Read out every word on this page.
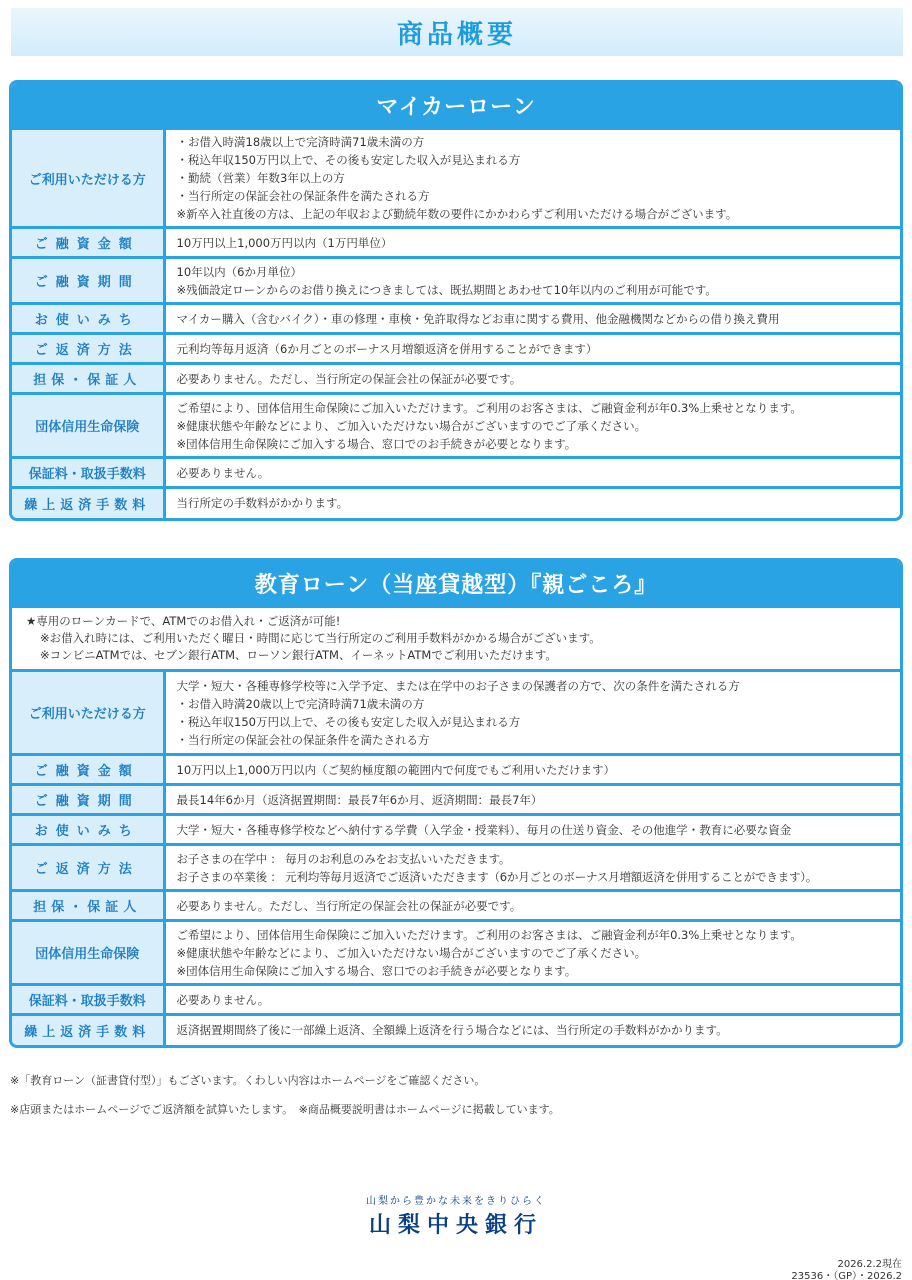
商品概要
マイカーローン
ご利用いただける方	・お借入時満18歳以上で完済時満71歳未満の方
・税込年収150万円以上で、その後も安定した収入が見込まれる方
・勤続（営業）年数3年以上の方
・当行所定の保証会社の保証条件を満たされる方
※新卒入社直後の方は、上記の年収および勤続年数の要件にかかわらずご利用いただける場合がございます。

ご融資金額	10万円以上1,000万円以内（1万円単位）

ご融資期間	10年以内（6か月単位）
※残価設定ローンからのお借り換えにつきましては、既払期間とあわせて10年以内のご利用が可能です。

お使いみち	マイカー購入（含むバイク）・車の修理・車検・免許取得などお車に関する費用、他金融機関などからの借り換え費用

ご返済方法	元利均等毎月返済（6か月ごとのボーナス月増額返済を併用することができます）

担保・保証人	必要ありません。ただし、当行所定の保証会社の保証が必要です。

団体信用生命保険	ご希望により、団体信用生命保険にご加入いただけます。ご利用のお客さまは、ご融資金利が年0.3%上乗せとなります。
※健康状態や年齢などにより、ご加入いただけない場合がございますのでご了承ください。
※団体信用生命保険にご加入する場合、窓口でのお手続きが必要となります。

保証料・取扱手数料	必要ありません。

繰上返済手数料	当行所定の手数料がかかります。
教育ローン（当座貸越型）『親ごころ』
★専用のローンカードで、ATMでのお借入れ・ご返済が可能!
※お借入れ時には、ご利用いただく曜日・時間に応じて当行所定のご利用手数料がかかる場合がございます。
※コンビニATMでは、セブン銀行ATM、ローソン銀行ATM、イーネットATMでご利用いただけます。
ご利用いただける方	大学・短大・各種専修学校等に入学予定、または在学中のお子さまの保護者の方で、次の条件を満たされる方
・お借入時満20歳以上で完済時満71歳未満の方
・税込年収150万円以上で、その後も安定した収入が見込まれる方
・当行所定の保証会社の保証条件を満たされる方

ご融資金額	10万円以上1,000万円以内（ご契約極度額の範囲内で何度でもご利用いただけます）

ご融資期間	最長14年6か月（返済据置期間：最長7年6か月、返済期間：最長7年）

お使いみち	大学・短大・各種専修学校などへ納付する学費（入学金・授業料）、毎月の仕送り資金、その他進学・教育に必要な資金

ご返済方法	お子さまの在学中 ： 毎月のお利息のみをお支払いいただきます。
お子さまの卒業後 ： 元利均等毎月返済でご返済いただきます（6か月ごとのボーナス月増額返済を併用することができます）。

担保・保証人	必要ありません。ただし、当行所定の保証会社の保証が必要です。

団体信用生命保険	ご希望により、団体信用生命保険にご加入いただけます。ご利用のお客さまは、ご融資金利が年0.3%上乗せとなります。
※健康状態や年齢などにより、ご加入いただけない場合がございますのでご了承ください。
※団体信用生命保険にご加入する場合、窓口でのお手続きが必要となります。

保証料・取扱手数料	必要ありません。

繰上返済手数料	返済据置期間終了後に一部繰上返済、全額繰上返済を行う場合などには、当行所定の手数料がかかります。
※「教育ローン（証書貸付型）」もございます。くわしい内容はホームページをご確認ください。
※店頭またはホームページでご返済額を試算いたします。　※商品概要説明書はホームページに掲載しています。
山梨から豊かな未来をきりひらく
山梨中央銀行
2026.2.2現在
23536・（GP）・2026.2
